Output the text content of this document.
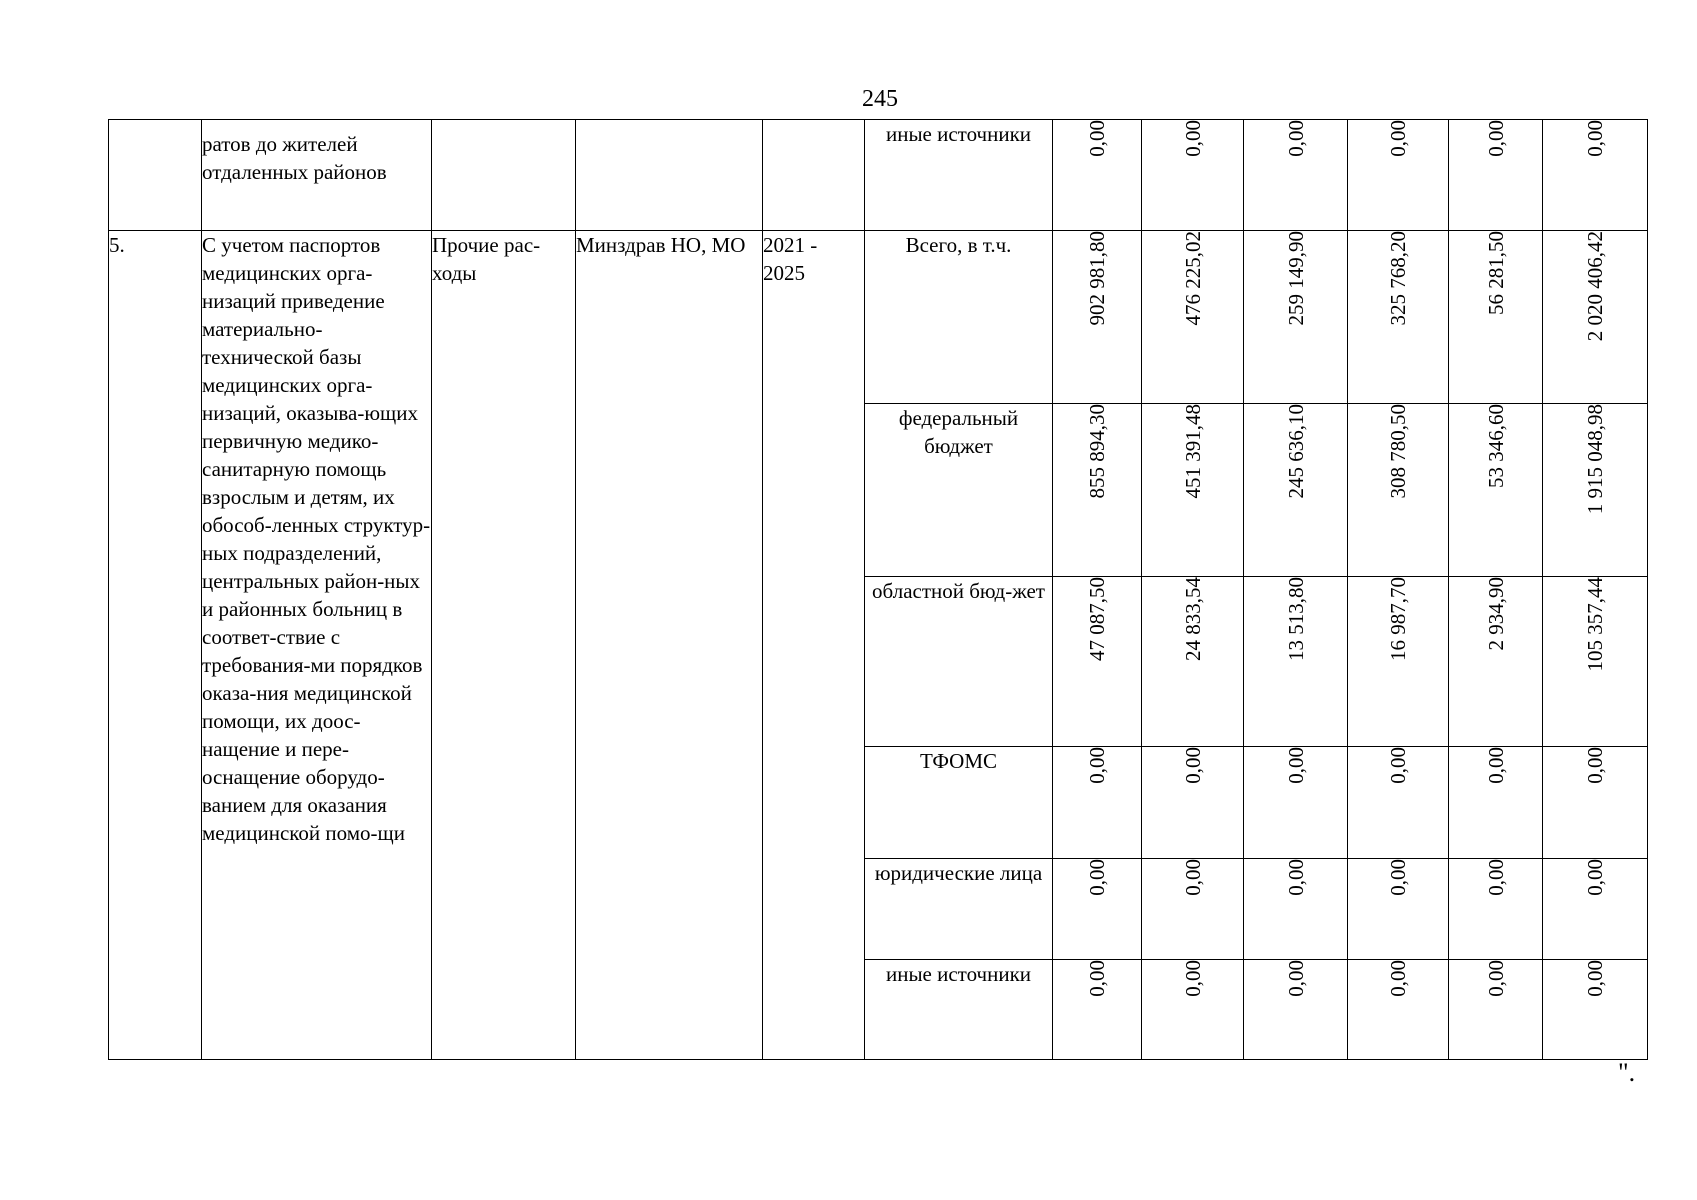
245
	ратов до жителей отдаленных районов				иные источники	0,00	0,00	0,00	0,00	0,00	0,00
5.	С учетом паспортов медицинских орга-низаций приведение материально-технической базы медицинских орга-низаций, оказыва-ющих первичную медико-санитарную помощь взрослым и детям, их обособ-ленных структур-ных подразделений, центральных район-ных и районных больниц в соответ-ствие с требования-ми порядков оказа-ния медицинской помощи, их доос-нащение и пере-оснащение оборудо-ванием для оказания медицинской помо-щи	Прочие рас-ходы	Минздрав НО, МО	2021 - 2025	Всего, в т.ч.	902 981,80	476 225,02	259 149,90	325 768,20	56 281,50	2 020 406,42
					федеральный бюджет	855 894,30	451 391,48	245 636,10	308 780,50	53 346,60	1 915 048,98
					областной бюд-жет	47 087,50	24 833,54	13 513,80	16 987,70	2 934,90	105 357,44
					ТФОМС	0,00	0,00	0,00	0,00	0,00	0,00
					юридические лица	0,00	0,00	0,00	0,00	0,00	0,00
					иные источники	0,00	0,00	0,00	0,00	0,00	0,00
".
